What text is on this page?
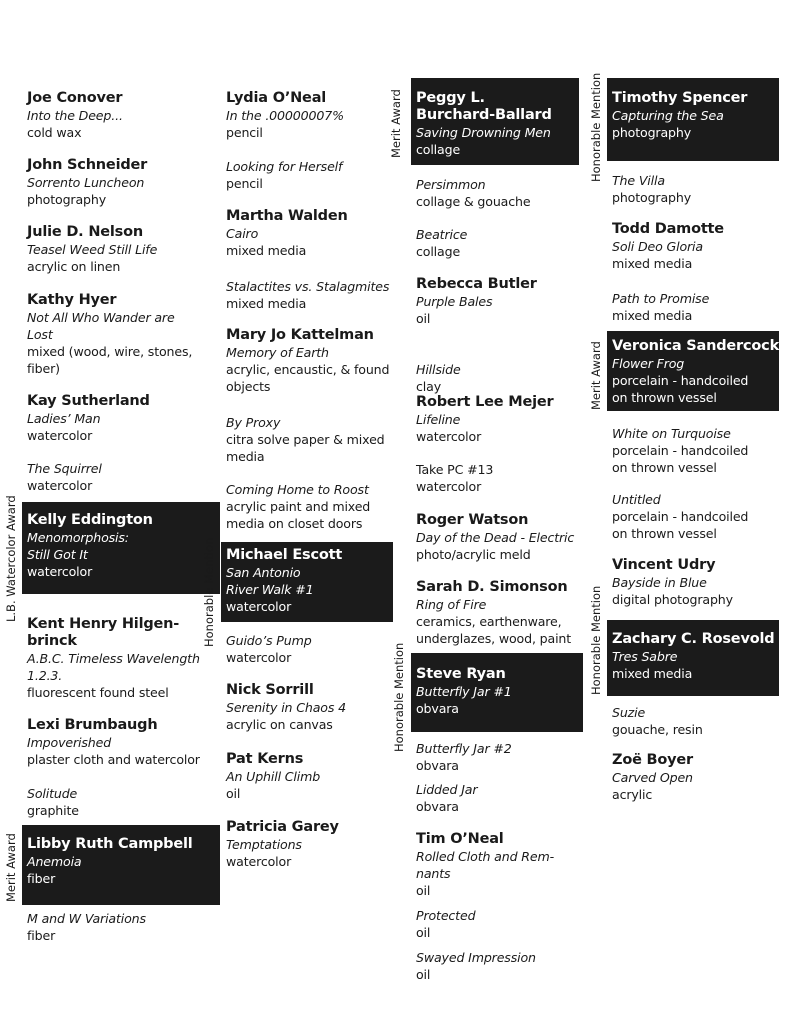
Joe Conover
Into the Deep...
cold wax
John Schneider
Sorrento Luncheon
photography
Julie D. Nelson
Teasel Weed Still Life
acrylic on linen
Kathy Hyer
Not All Who Wander are
Lost
mixed (wood, wire, stones,
fiber)
Kay Sutherland
Ladies’ Man
watercolor
The Squirrel
watercolor
Kelly Eddington
Menomorphosis:
Still Got It
watercolor
L.B. Watercolor Award
Kent Henry Hilgen-
brinck
A.B.C. Timeless Wavelength
1.2.3.
fluorescent found steel
Lexi Brumbaugh
Impoverished
plaster cloth and watercolor
Solitude
graphite
Libby Ruth Campbell
Anemoia
fiber
Merit Award
M and W Variations
fiber
Lydia O’Neal
In the .00000007%
pencil
Looking for Herself
pencil
Martha Walden
Cairo
mixed media
Stalactites vs. Stalagmites
mixed media
Mary Jo Kattelman
Memory of Earth
acrylic, encaustic, & found
objects
By Proxy
citra solve paper & mixed
media
Coming Home to Roost
acrylic paint and mixed
media on closet doors
Michael Escott
San Antonio
River Walk #1
watercolor
Honorable Mention Guido’s Pump
watercolor
Nick Sorrill
Serenity in Chaos 4
acrylic on canvas
Pat Kerns
An Uphill Climb
oil
Patricia Garey
Temptations
watercolor
Peggy L.
Burchard-Ballard
Saving Drowning Men
collage
Merit Award
Persimmon
collage & gouache
Beatrice
collage
Rebecca Butler
Purple Bales
oil
Hillside
clay
Robert Lee Mejer
Lifeline
watercolor
Take PC #13
watercolor
Roger Watson
Day of the Dead - Electric
photo/acrylic meld
Sarah D. Simonson
Ring of Fire
ceramics, earthenware,
underglazes, wood, paint
Steve Ryan
Butterfly Jar #1
obvara
Honorable Mention Butterfly Jar #2
obvara
Lidded Jar
obvara
Tim O’Neal
Rolled Cloth and Rem-
nants
oil
Protected
oil
Swayed Impression
oil
Timothy Spencer
Capturing the Sea
photography
Honorable Mention The Villa
photography
Todd Damotte
Soli Deo Gloria
mixed media
Path to Promise
mixed media
Veronica Sandercock
Flower Frog
porcelain - handcoiled
on thrown vessel
Merit Award
White on Turquoise
porcelain - handcoiled
on thrown vessel
Untitled
porcelain - handcoiled
on thrown vessel
Vincent Udry
Bayside in Blue
digital photography
Zachary C. Rosevold
Tres Sabre
mixed media
Honorable Mention
Suzie
gouache, resin
Zoë Boyer
Carved Open
acrylic
